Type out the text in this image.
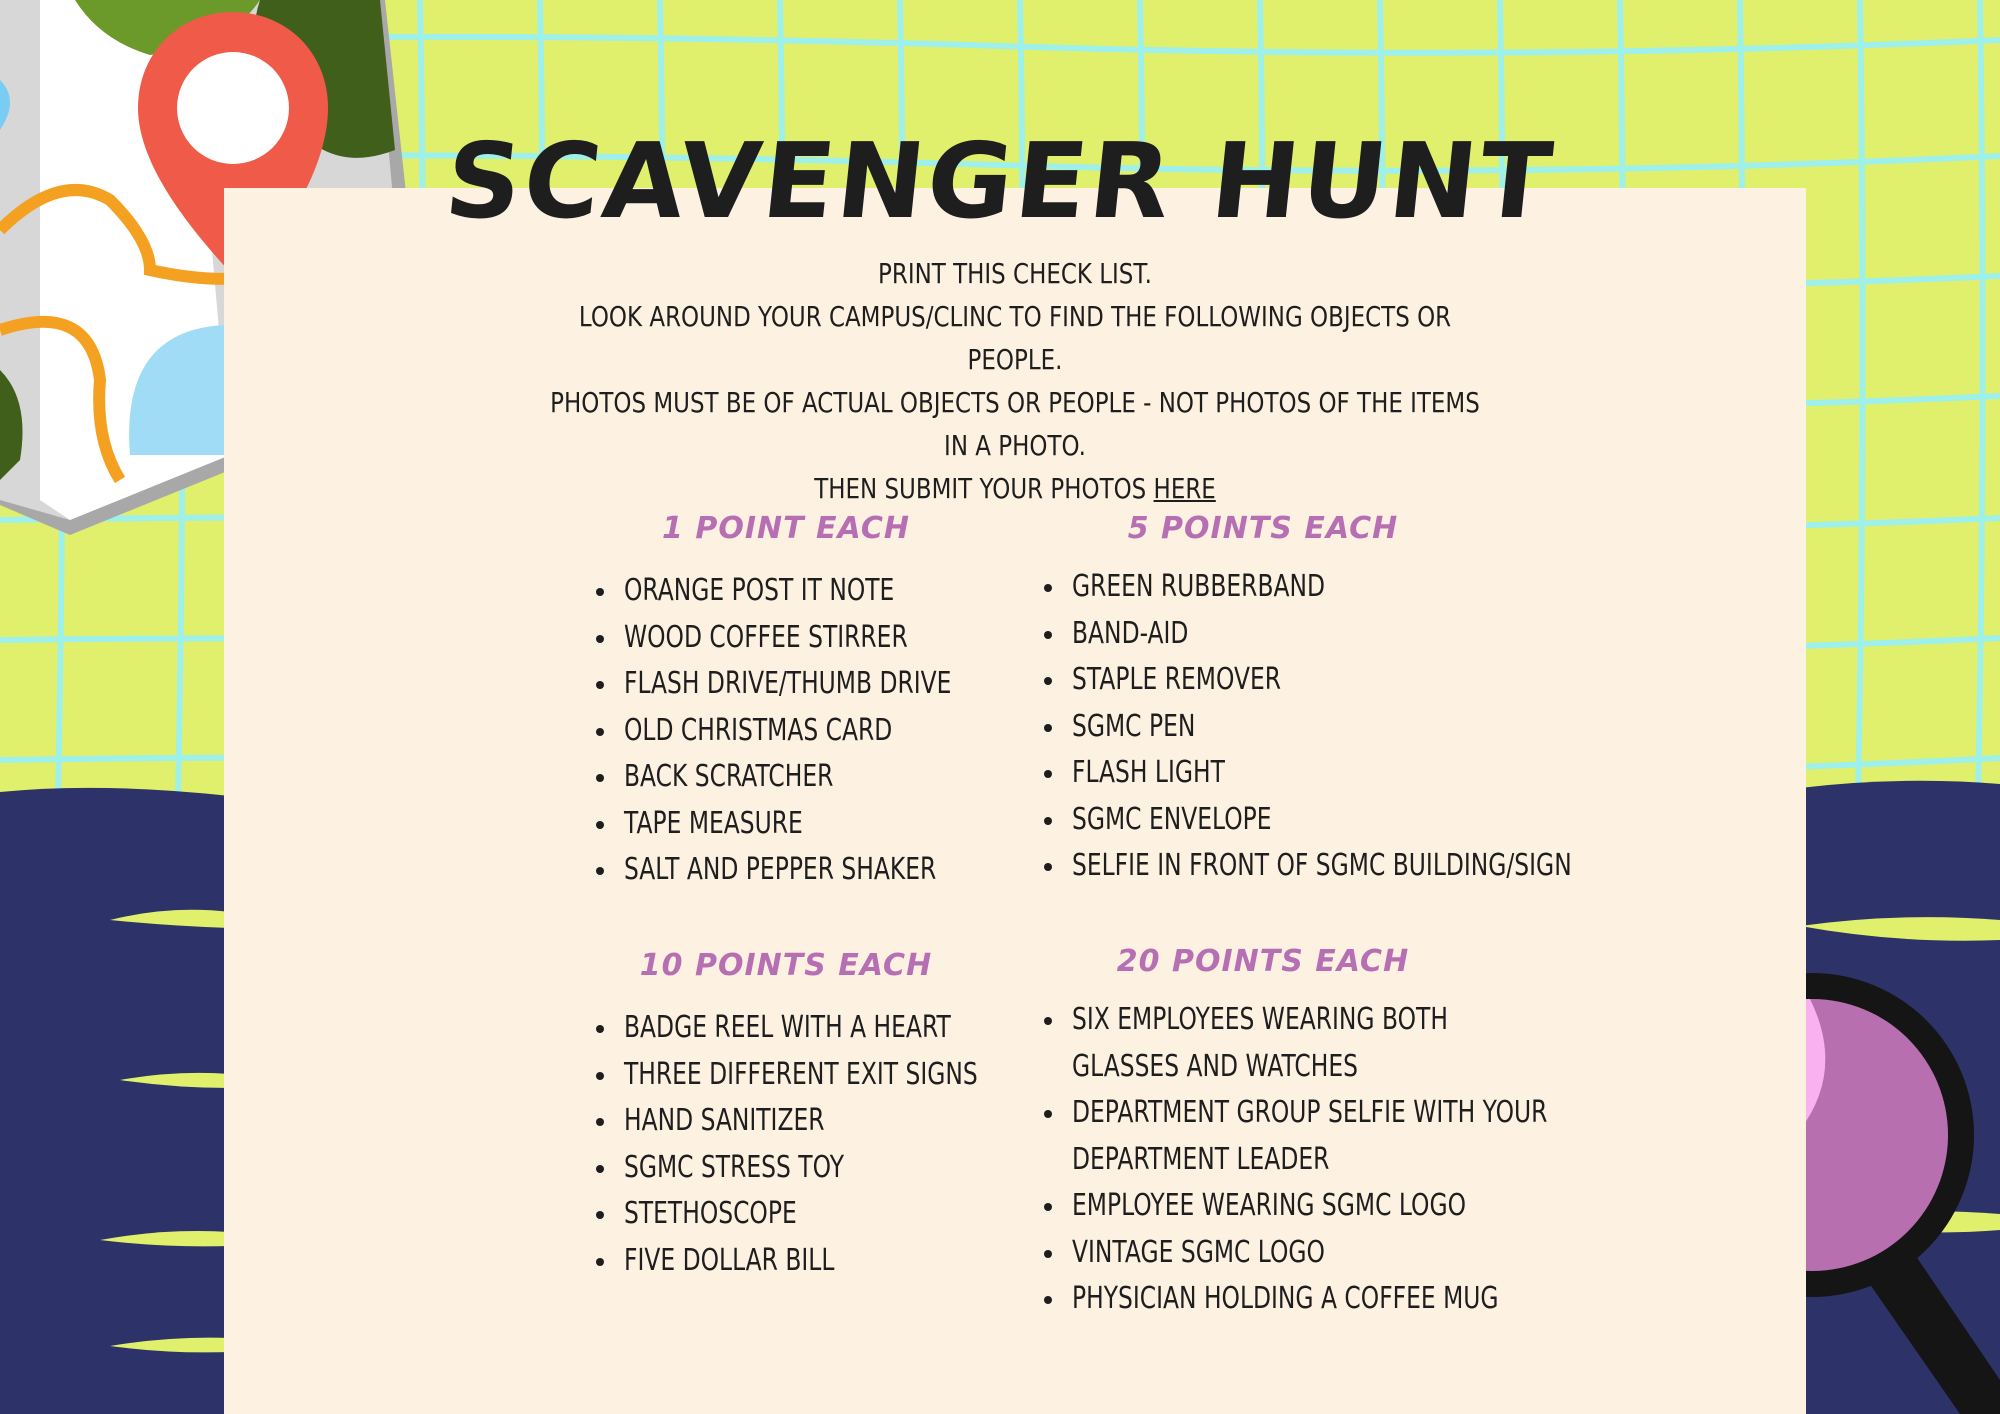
SCAVENGER HUNT
PRINT THIS CHECK LIST.
LOOK AROUND YOUR CAMPUS/CLINC TO FIND THE FOLLOWING OBJECTS OR PEOPLE.
PHOTOS MUST BE OF ACTUAL OBJECTS OR PEOPLE - NOT PHOTOS OF THE ITEMS IN A PHOTO.
THEN SUBMIT YOUR PHOTOS HERE
1 POINT EACH
ORANGE POST IT NOTE
WOOD COFFEE STIRRER
FLASH DRIVE/THUMB DRIVE
OLD CHRISTMAS CARD
BACK SCRATCHER
TAPE MEASURE
SALT AND PEPPER SHAKER
5 POINTS EACH
GREEN RUBBERBAND
BAND-AID
STAPLE REMOVER
SGMC PEN
FLASH LIGHT
SGMC ENVELOPE
SELFIE IN FRONT OF SGMC BUILDING/SIGN
10 POINTS EACH
BADGE REEL WITH A HEART
THREE DIFFERENT EXIT SIGNS
HAND SANITIZER
SGMC STRESS TOY
STETHOSCOPE
FIVE DOLLAR BILL
20 POINTS EACH
SIX EMPLOYEES WEARING BOTH GLASSES AND WATCHES
DEPARTMENT GROUP SELFIE WITH YOUR DEPARTMENT LEADER
EMPLOYEE WEARING SGMC LOGO
VINTAGE SGMC LOGO
PHYSICIAN HOLDING A COFFEE MUG
